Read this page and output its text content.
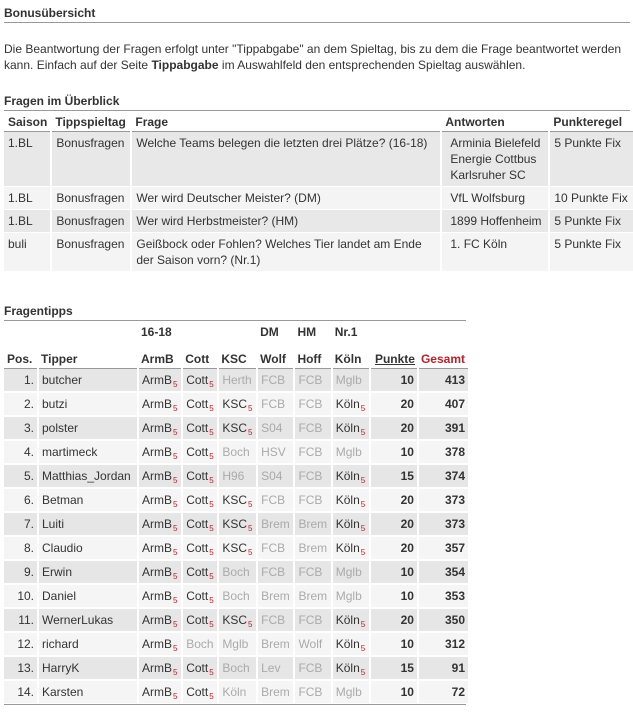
Bonusübersicht
Die Beantwortung der Fragen erfolgt unter "Tippabgabe" an dem Spieltag, bis zu dem die Frage beantwortet werden kann. Einfach auf der Seite Tippabgabe im Auswahlfeld den entsprechenden Spieltag auswählen.
Fragen im Überblick
Saison	Tippspieltag	Frage	Antworten	Punkteregel
1.BL	Bonusfragen	Welche Teams belegen die letzten drei Plätze? (16-18)	Arminia Bielefeld
Energie Cottbus
Karlsruher SC	5 Punkte Fix
1.BL	Bonusfragen	Wer wird Deutscher Meister? (DM)	VfL Wolfsburg	10 Punkte Fix
1.BL	Bonusfragen	Wer wird Herbstmeister? (HM)	1899 Hoffenheim	5 Punkte Fix
buli	Bonusfragen	Geißbock oder Fohlen? Welches Tier landet am Ende der Saison vorn? (Nr.1)	1. FC Köln	5 Punkte Fix
Fragentipps
		16-18			DM	HM	Nr.1		
Pos.	Tipper	ArmB	Cott	KSC	Wolf	Hoff	Köln	Punkte	Gesamt
1.	butcher	ArmB$_5$	Cott$_5$	Herth	FCB	FCB	Mglb	10	413
2.	butzi	ArmB$_5$	Cott$_5$	$KSC_5$	FCB	FCB	Köln$_5$	20	407
3.	polster	ArmB$_5$	Cott$_5$	$KSC_5$	S04	FCB	Köln$_5$	20	391
4.	martimeck	ArmB$_5$	Cott$_5$	Boch	HSV	FCB	Mglb	10	378
5.	Matthias_Jordan	ArmB$_5$	Cott$_5$	H96	S04	FCB	Köln$_5$	15	374
6.	Betman	ArmB$_5$	Cott$_5$	$KSC_5$	FCB	FCB	Köln$_5$	20	373
7.	Luiti	ArmB$_5$	Cott$_5$	$KSC_5$	Brem	Brem	Köln$_5$	20	373
8.	Claudio	ArmB$_5$	Cott$_5$	$KSC_5$	FCB	Brem	Köln$_5$	20	357
9.	Erwin	ArmB$_5$	Cott$_5$	Boch	FCB	FCB	Mglb	10	354
10.	Daniel	ArmB$_5$	Cott$_5$	Boch	Brem	Brem	Mglb	10	353
11.	WernerLukas	ArmB$_5$	Cott$_5$	$KSC_5$	FCB	FCB	Köln$_5$	20	350
12.	richard	ArmB$_5$	Boch	Mglb	Brem	Wolf	Köln$_5$	10	312
13.	HarryK	ArmB$_5$	Cott$_5$	Boch	Lev	FCB	Köln$_5$	15	91
14.	Karsten	ArmB$_5$	Cott$_5$	Köln	Brem	FCB	Mglb	10	72
